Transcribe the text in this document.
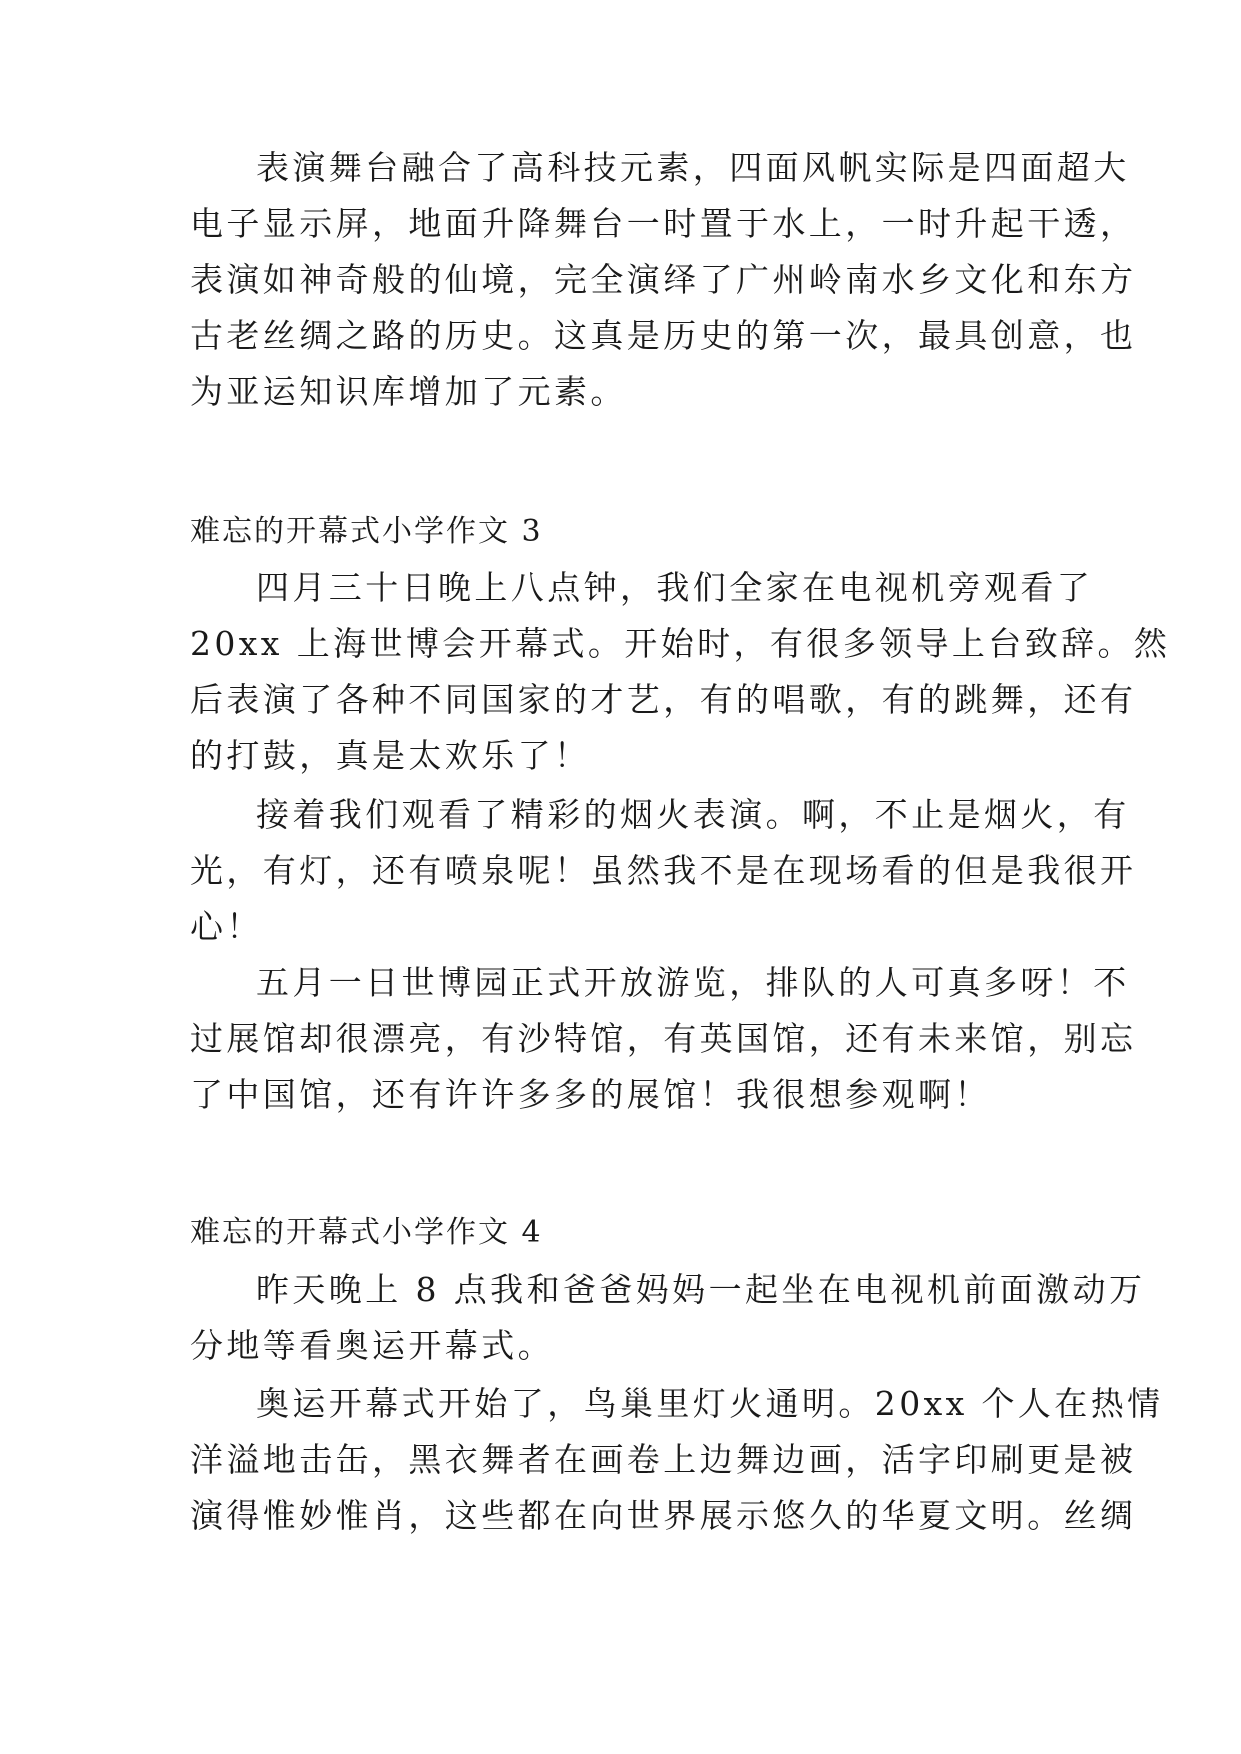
表演舞台融合了高科技元素，四面风帆实际是四面超大
电子显示屏，地面升降舞台一时置于水上，一时升起干透，
表演如神奇般的仙境，完全演绎了广州岭南水乡文化和东方
古老丝绸之路的历史。这真是历史的第一次，最具创意，也
为亚运知识库增加了元素。
难忘的开幕式小学作文 3
四月三十日晚上八点钟，我们全家在电视机旁观看了
20xx 上海世博会开幕式。开始时，有很多领导上台致辞。然
后表演了各种不同国家的才艺，有的唱歌，有的跳舞，还有
的打鼓，真是太欢乐了！
接着我们观看了精彩的烟火表演。啊，不止是烟火，有
光，有灯，还有喷泉呢！虽然我不是在现场看的但是我很开
心！
五月一日世博园正式开放游览，排队的人可真多呀！不
过展馆却很漂亮，有沙特馆，有英国馆，还有未来馆，别忘
了中国馆，还有许许多多的展馆！我很想参观啊！
难忘的开幕式小学作文 4
昨天晚上 8 点我和爸爸妈妈一起坐在电视机前面激动万
分地等看奥运开幕式。
奥运开幕式开始了，鸟巢里灯火通明。20xx 个人在热情
洋溢地击缶，黑衣舞者在画卷上边舞边画，活字印刷更是被
演得惟妙惟肖，这些都在向世界展示悠久的华夏文明。丝绸
